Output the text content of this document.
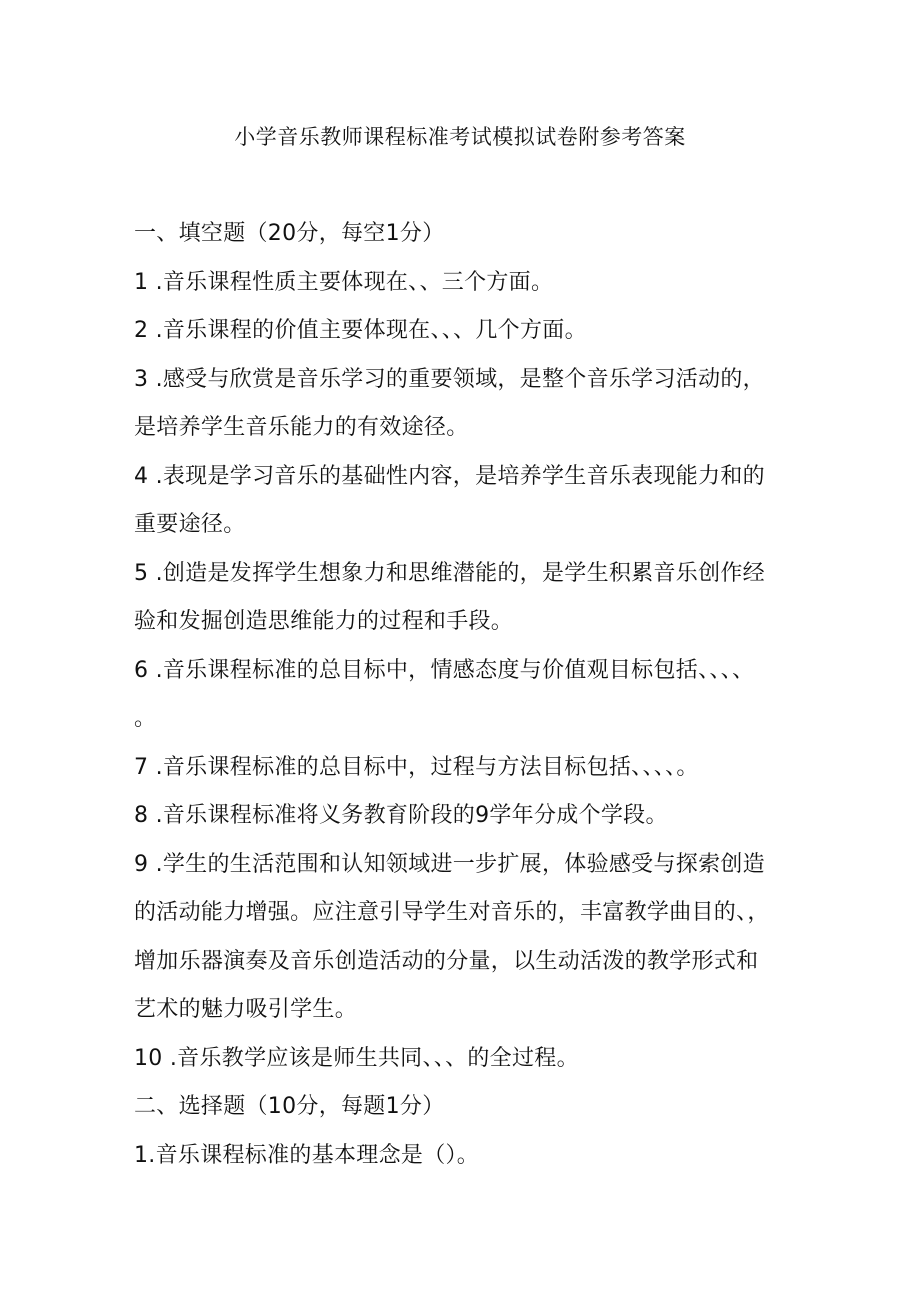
小学音乐教师课程标准考试模拟试卷附参考答案
一、填空题（20分，每空1分）
1 .音乐课程性质主要体现在、、三个方面。
2 .音乐课程的价值主要体现在、、、几个方面。
3 .感受与欣赏是音乐学习的重要领域，是整个音乐学习活动的，
是培养学生音乐能力的有效途径。
4 .表现是学习音乐的基础性内容，是培养学生音乐表现能力和的
重要途径。
5 .创造是发挥学生想象力和思维潜能的，是学生积累音乐创作经
验和发掘创造思维能力的过程和手段。
6 .音乐课程标准的总目标中，情感态度与价值观目标包括、、、、
。
7 .音乐课程标准的总目标中，过程与方法目标包括、、、、。
8 .音乐课程标准将义务教育阶段的9学年分成个学段。
9 .学生的生活范围和认知领域进一步扩展，体验感受与探索创造
的活动能力增强。应注意引导学生对音乐的，丰富教学曲目的、，
增加乐器演奏及音乐创造活动的分量，以生动活泼的教学形式和
艺术的魅力吸引学生。
10 .音乐教学应该是师生共同、、、的全过程。
二、选择题（10分，每题1分）
1.音乐课程标准的基本理念是（）。
